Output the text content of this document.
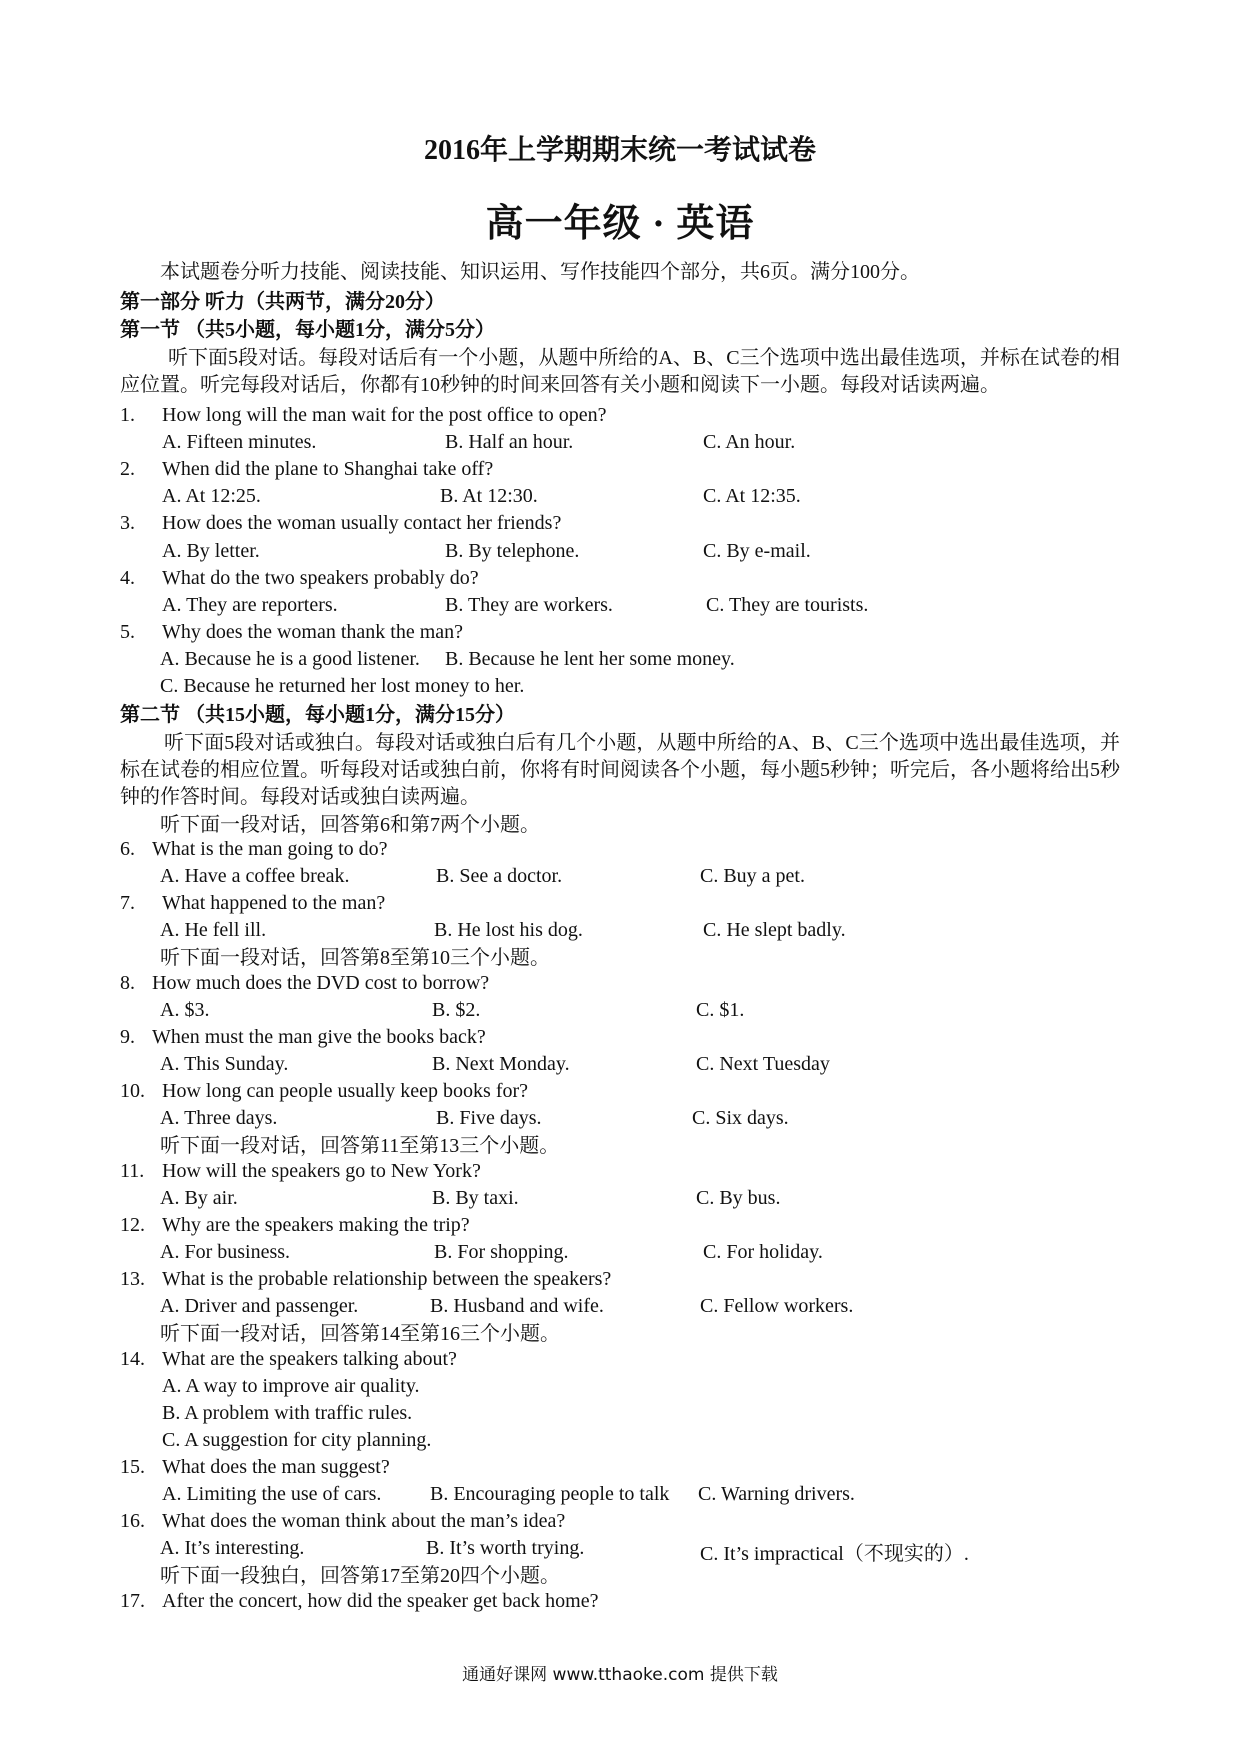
2016年上学期期末统一考试试卷
高一年级 · 英语
本试题卷分听力技能、阅读技能、知识运用、写作技能四个部分，共6页。满分100分。
第一部分 听力（共两节，满分20分）
第一节 （共5小题，每小题1分，满分5分）
听下面5段对话。每段对话后有一个小题，从题中所给的A、B、C三个选项中选出最佳选项，并标在试卷的相应位置。听完每段对话后，你都有10秒钟的时间来回答有关小题和阅读下一小题。每段对话读两遍。
1. How long will the man wait for the post office to open?
A. Fifteen minutes.	B. Half an hour.	C. An hour.
2. When did the plane to Shanghai take off?
A. At 12:25.	B. At 12:30.	C. At 12:35.
3. How does the woman usually contact her friends?
A. By letter.	B. By telephone.	C. By e-mail.
4. What do the two speakers probably do?
A. They are reporters.	B. They are workers.	C. They are tourists.
5. Why does the woman thank the man?
A. Because he is a good listener. B. Because he lent her some money.
C. Because he returned her lost money to her.
第二节 （共15小题，每小题1分，满分15分）
听下面5段对话或独白。每段对话或独白后有几个小题，从题中所给的A、B、C三个选项中选出最佳选项，并标在试卷的相应位置。听每段对话或独白前，你将有时间阅读各个小题，每小题5秒钟；听完后，各小题将给出5秒钟的作答时间。每段对话或独白读两遍。
听下面一段对话，回答第6和第7两个小题。
6. What is the man going to do?
A. Have a coffee break.	B. See a doctor.	C. Buy a pet.
7. What happened to the man?
A. He fell ill.	B. He lost his dog.	C. He slept badly.
听下面一段对话，回答第8至第10三个小题。
8. How much does the DVD cost to borrow?
A. $3.	B. $2.	C. $1.
9. When must the man give the books back?
A. This Sunday.	B. Next Monday.	C. Next Tuesday
10. How long can people usually keep books for?
A. Three days.	B. Five days.	C. Six days.
听下面一段对话，回答第11至第13三个小题。
11. How will the speakers go to New York?
A. By air.	B. By taxi.	C. By bus.
12. Why are the speakers making the trip?
A. For business.	B. For shopping.	C. For holiday.
13. What is the probable relationship between the speakers?
A. Driver and passenger.	B. Husband and wife.	C. Fellow workers.
听下面一段对话，回答第14至第16三个小题。
14. What are the speakers talking about?
A. A way to improve air quality.
B. A problem with traffic rules.
C. A suggestion for city planning.
15. What does the man suggest?
A. Limiting the use of cars. B. Encouraging people to talk C. Warning drivers.
16. What does the woman think about the man’s idea?
A. It’s interesting.	B. It’s worth trying.	C. It’s impractical（不现实的）.
听下面一段独白，回答第17至第20四个小题。
17. After the concert, how did the speaker get back home?
通通好课网 www.tthaoke.com 提供下载
